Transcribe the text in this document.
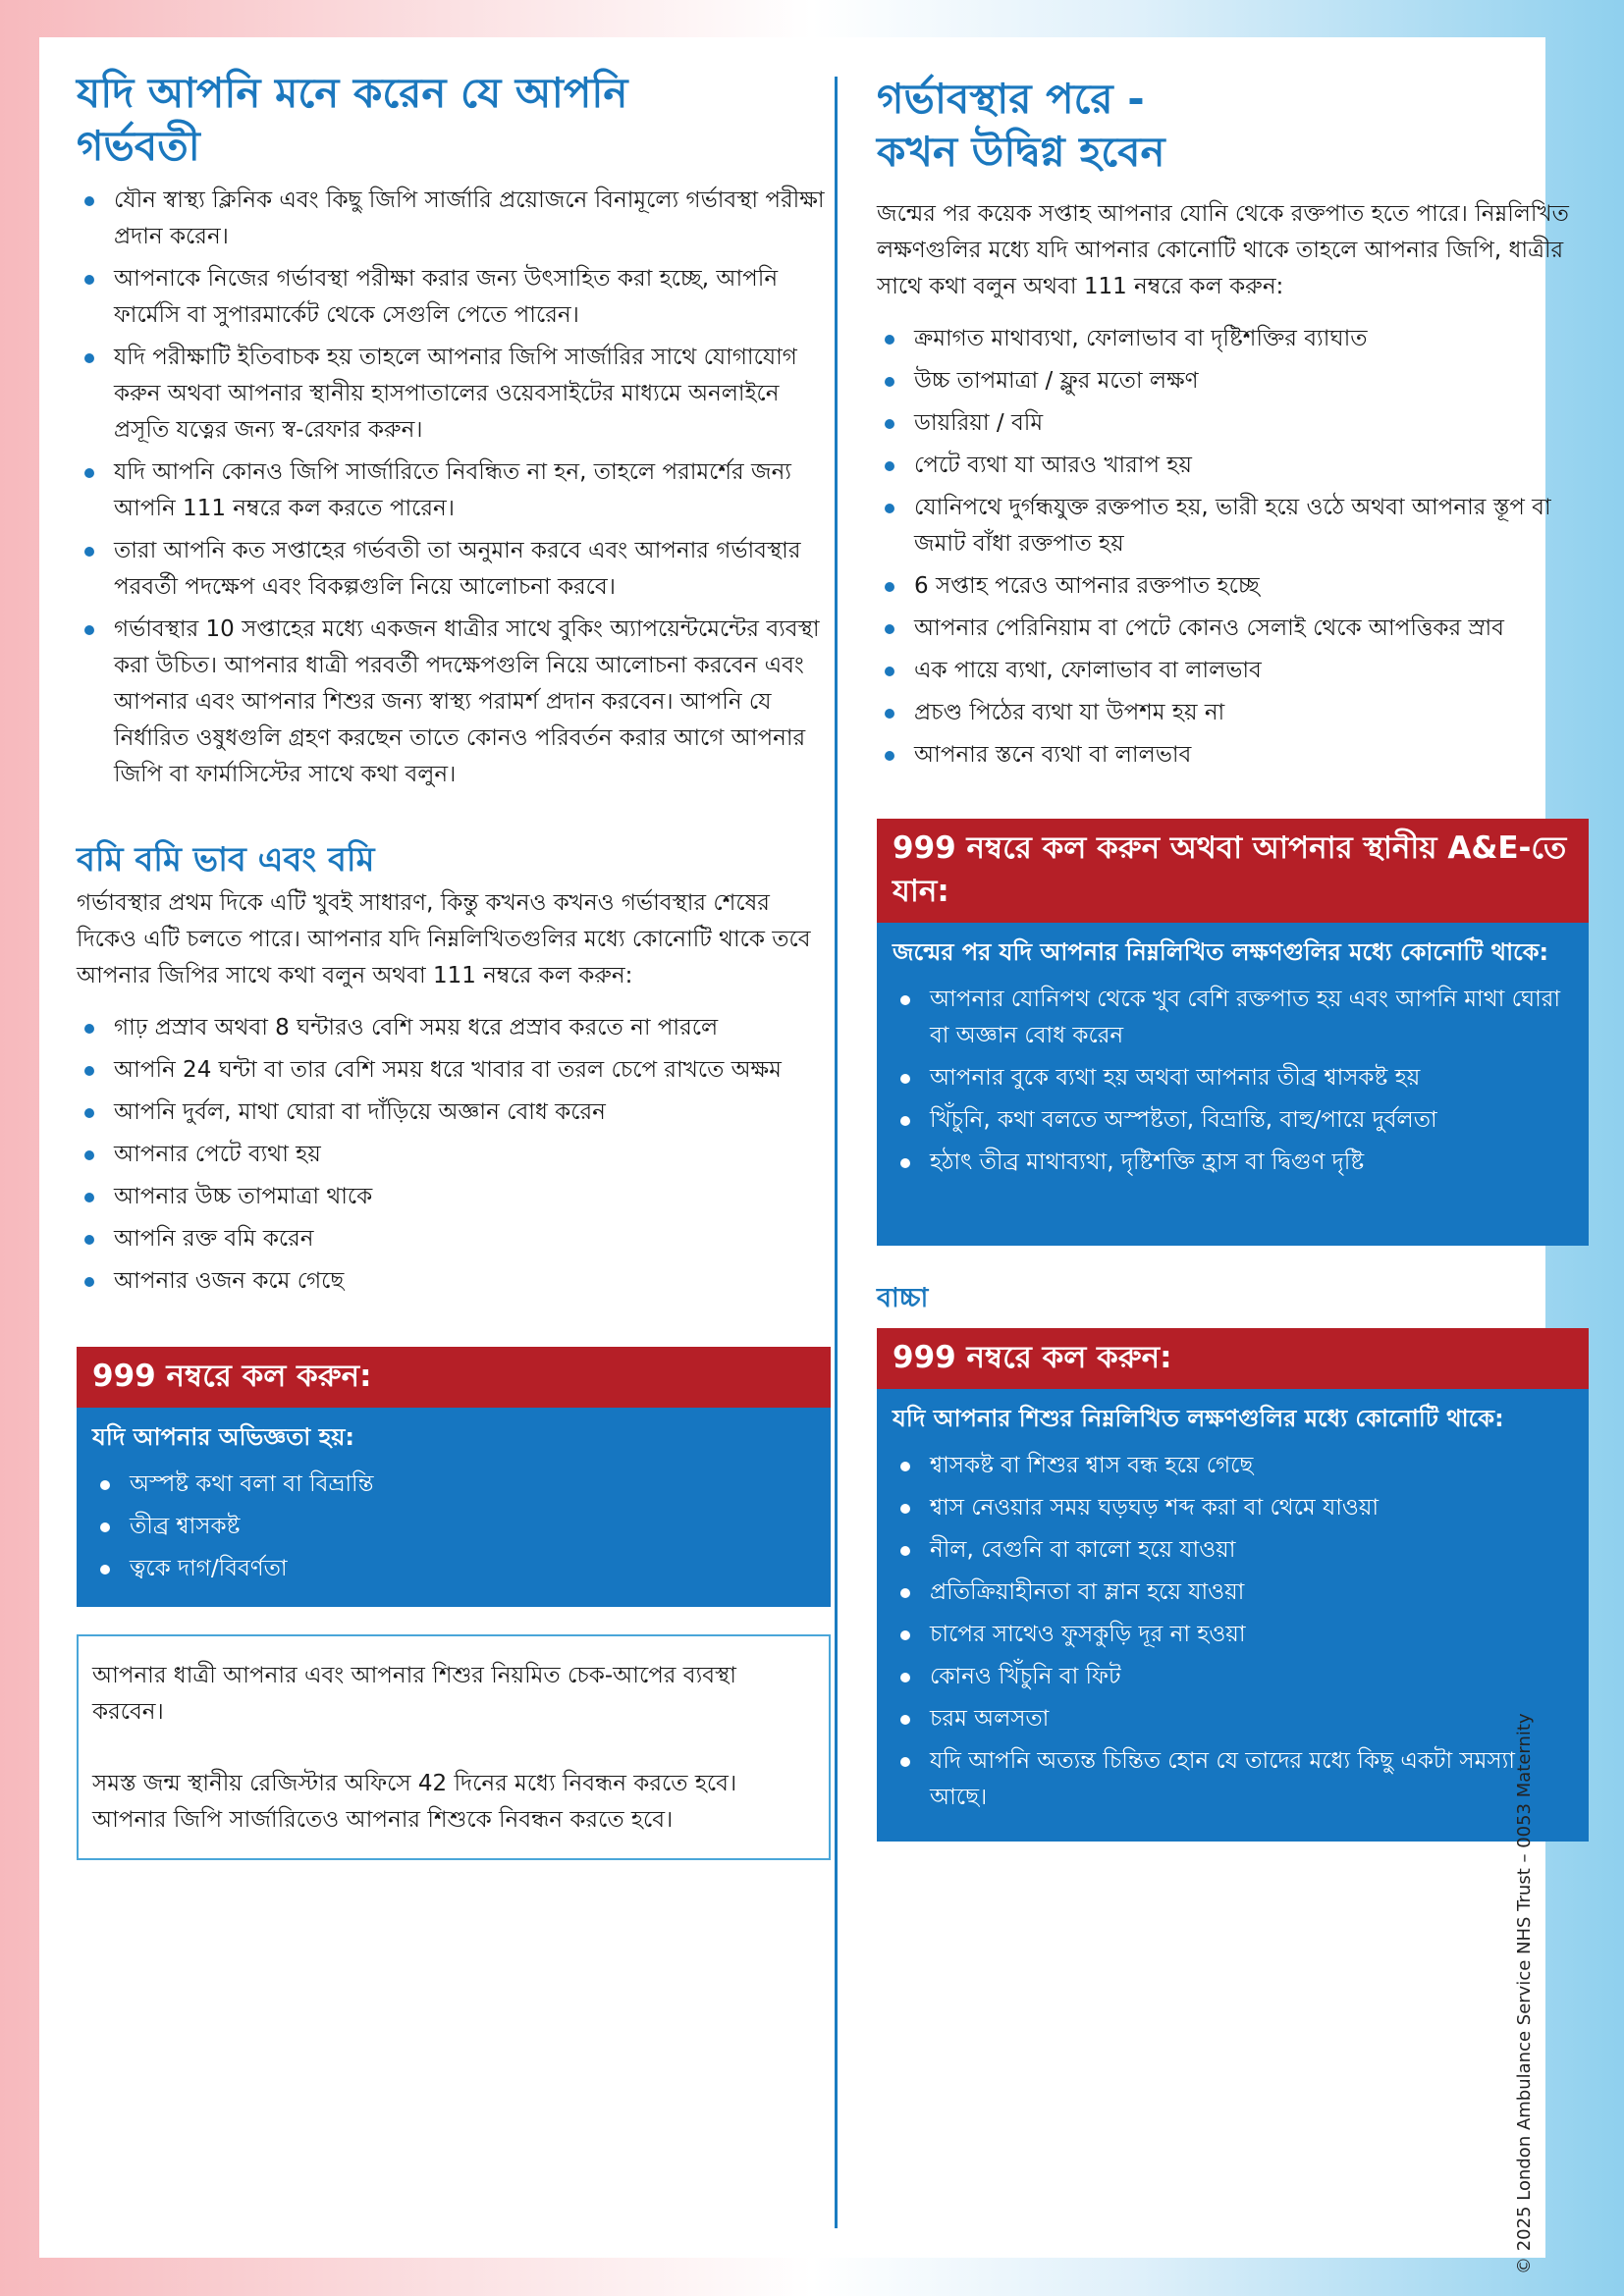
যদি আপনি মনে করেন যে আপনি
গর্ভবতী
যৌন স্বাস্থ্য ক্লিনিক এবং কিছু জিপি সার্জারি প্রয়োজনে বিনামূল্যে গর্ভাবস্থা পরীক্ষা প্রদান করেন।
আপনাকে নিজের গর্ভাবস্থা পরীক্ষা করার জন্য উৎসাহিত করা হচ্ছে, আপনি ফার্মেসি বা সুপারমার্কেট থেকে সেগুলি পেতে পারেন।
যদি পরীক্ষাটি ইতিবাচক হয় তাহলে আপনার জিপি সার্জারির সাথে যোগাযোগ করুন অথবা আপনার স্থানীয় হাসপাতালের ওয়েবসাইটের মাধ্যমে অনলাইনে প্রসূতি যত্নের জন্য স্ব-রেফার করুন।
যদি আপনি কোনও জিপি সার্জারিতে নিবন্ধিত না হন, তাহলে পরামর্শের জন্য আপনি 111 নম্বরে কল করতে পারেন।
তারা আপনি কত সপ্তাহের গর্ভবতী তা অনুমান করবে এবং আপনার গর্ভাবস্থার পরবর্তী পদক্ষেপ এবং বিকল্পগুলি নিয়ে আলোচনা করবে।
গর্ভাবস্থার 10 সপ্তাহের মধ্যে একজন ধাত্রীর সাথে বুকিং অ্যাপয়েন্টমেন্টের ব্যবস্থা করা উচিত। আপনার ধাত্রী পরবর্তী পদক্ষেপগুলি নিয়ে আলোচনা করবেন এবং আপনার এবং আপনার শিশুর জন্য স্বাস্থ্য পরামর্শ প্রদান করবেন। আপনি যে নির্ধারিত ওষুধগুলি গ্রহণ করছেন তাতে কোনও পরিবর্তন করার আগে আপনার জিপি বা ফার্মাসিস্টের সাথে কথা বলুন।
বমি বমি ভাব এবং বমি

গর্ভাবস্থার প্রথম দিকে এটি খুবই সাধারণ, কিন্তু কখনও কখনও গর্ভাবস্থার শেষের দিকেও এটি চলতে পারে। আপনার যদি নিম্নলিখিতগুলির মধ্যে কোনোটি থাকে তবে আপনার জিপির সাথে কথা বলুন অথবা 111 নম্বরে কল করুন:

গাঢ় প্রস্রাব অথবা 8 ঘন্টারও বেশি সময় ধরে প্রস্রাব করতে না পারলে
আপনি 24 ঘন্টা বা তার বেশি সময় ধরে খাবার বা তরল চেপে রাখতে অক্ষম
আপনি দুর্বল, মাথা ঘোরা বা দাঁড়িয়ে অজ্ঞান বোধ করেন
আপনার পেটে ব্যথা হয়
আপনার উচ্চ তাপমাত্রা থাকে
আপনি রক্ত বমি করেন
আপনার ওজন কমে গেছে
999 নম্বরে কল করুন:
যদি আপনার অভিজ্ঞতা হয়:
অস্পষ্ট কথা বলা বা বিভ্রান্তি
তীব্র শ্বাসকষ্ট
ত্বকে দাগ/বিবর্ণতা

আপনার ধাত্রী আপনার এবং আপনার শিশুর নিয়মিত চেক-আপের ব্যবস্থা করবেন।

সমস্ত জন্ম স্থানীয় রেজিস্টার অফিসে 42 দিনের মধ্যে নিবন্ধন করতে হবে। আপনার জিপি সার্জারিতেও আপনার শিশুকে নিবন্ধন করতে হবে।

গর্ভাবস্থার পরে -
কখন উদ্বিগ্ন হবেন

জন্মের পর কয়েক সপ্তাহ আপনার যোনি থেকে রক্তপাত হতে পারে। নিম্নলিখিত লক্ষণগুলির মধ্যে যদি আপনার কোনোটি থাকে তাহলে আপনার জিপি, ধাত্রীর সাথে কথা বলুন অথবা 111 নম্বরে কল করুন:

ক্রমাগত মাথাব্যথা, ফোলাভাব বা দৃষ্টিশক্তির ব্যাঘাত
উচ্চ তাপমাত্রা / ফ্লুর মতো লক্ষণ
ডায়রিয়া / বমি
পেটে ব্যথা যা আরও খারাপ হয়
যোনিপথে দুর্গন্ধযুক্ত রক্তপাত হয়, ভারী হয়ে ওঠে অথবা আপনার স্তূপ বা জমাট বাঁধা রক্তপাত হয়
6 সপ্তাহ পরেও আপনার রক্তপাত হচ্ছে
আপনার পেরিনিয়াম বা পেটে কোনও সেলাই থেকে আপত্তিকর স্রাব
এক পায়ে ব্যথা, ফোলাভাব বা লালভাব
প্রচণ্ড পিঠের ব্যথা যা উপশম হয় না
আপনার স্তনে ব্যথা বা লালভাব
999 নম্বরে কল করুন অথবা আপনার স্থানীয় A&E-তে যান:
জন্মের পর যদি আপনার নিম্নলিখিত লক্ষণগুলির মধ্যে কোনোটি থাকে:
আপনার যোনিপথ থেকে খুব বেশি রক্তপাত হয় এবং আপনি মাথা ঘোরা বা অজ্ঞান বোধ করেন
আপনার বুকে ব্যথা হয় অথবা আপনার তীব্র শ্বাসকষ্ট হয়
খিঁচুনি, কথা বলতে অস্পষ্টতা, বিভ্রান্তি, বাহু/পায়ে দুর্বলতা
হঠাৎ তীব্র মাথাব্যথা, দৃষ্টিশক্তি হ্রাস বা দ্বিগুণ দৃষ্টি
বাচ্চা
999 নম্বরে কল করুন:
যদি আপনার শিশুর নিম্নলিখিত লক্ষণগুলির মধ্যে কোনোটি থাকে:
শ্বাসকষ্ট বা শিশুর শ্বাস বন্ধ হয়ে গেছে
শ্বাস নেওয়ার সময় ঘড়ঘড় শব্দ করা বা থেমে যাওয়া
নীল, বেগুনি বা কালো হয়ে যাওয়া
প্রতিক্রিয়াহীনতা বা ম্লান হয়ে যাওয়া
চাপের সাথেও ফুসকুড়ি দূর না হওয়া
কোনও খিঁচুনি বা ফিট
চরম অলসতা
যদি আপনি অত্যন্ত চিন্তিত হোন যে তাদের মধ্যে কিছু একটা সমস্যা আছে।	© 2025 London Ambulance Service NHS Trust – 0053 Maternity
